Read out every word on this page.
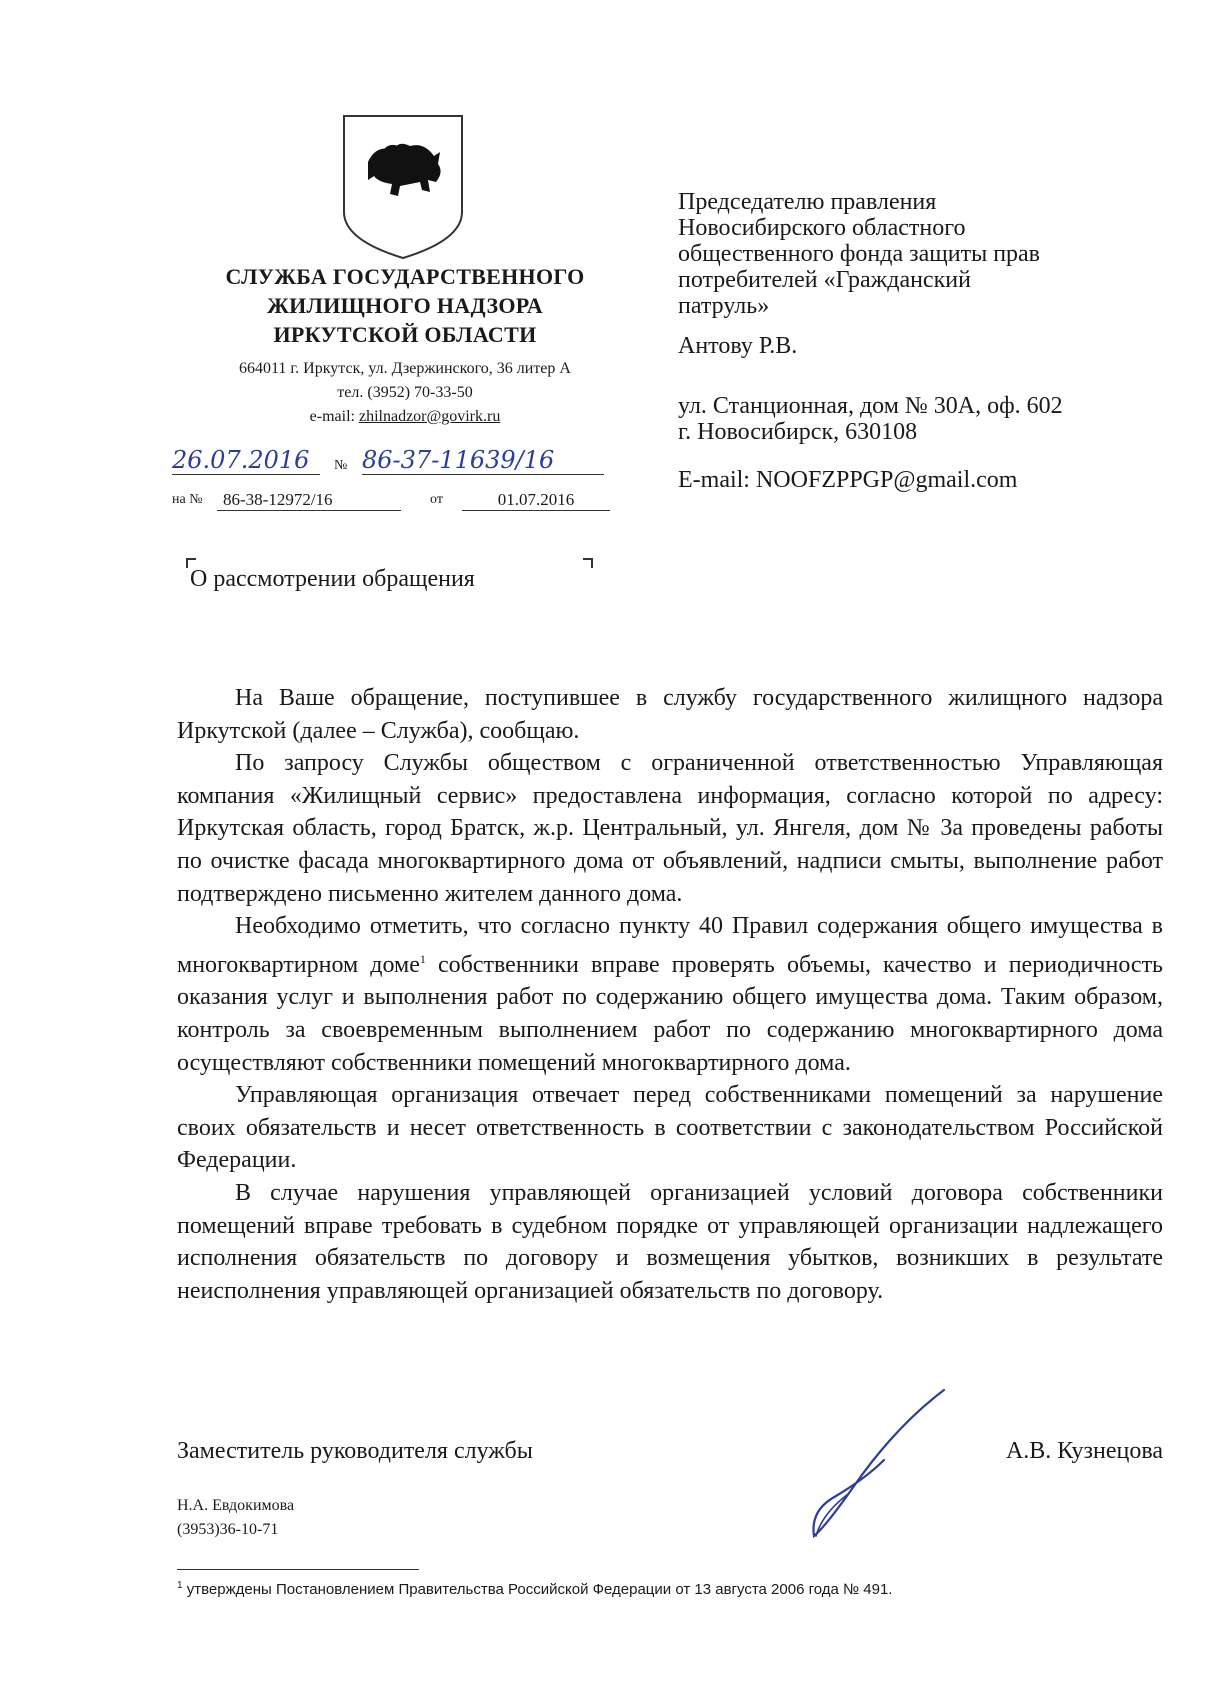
СЛУЖБА ГОСУДАРСТВЕННОГО
ЖИЛИЩНОГО НАДЗОРА
ИРКУТСКОЙ ОБЛАСТИ
664011 г. Иркутск, ул. Дзержинского, 36 литер А
тел. (3952) 70-33-50
e-mail: zhilnadzor@govirk.ru
26.07.2016	№ 86-37-11639/16
на №	86-38-12972/16	от	01.07.2016
Председателю правления
Новосибирского областного
общественного фонда защиты прав
потребителей «Гражданский
патруль»
Антову Р.В.
ул. Станционная, дом № 30А, оф. 602
г. Новосибирск, 630108
E-mail: NOOFZPPGP@gmail.com
О рассмотрении обращения

На Ваше обращение, поступившее в службу государственного жилищного надзора Иркутской (далее – Служба), сообщаю.

По запросу Службы обществом с ограниченной ответственностью Управляющая компания «Жилищный сервис» предоставлена информация, согласно которой по адресу: Иркутская область, город Братск, ж.р. Центральный, ул. Янгеля, дом № 3а проведены работы по очистке фасада многоквартирного дома от объявлений, надписи смыты, выполнение работ подтверждено письменно жителем данного дома.

Необходимо отметить, что согласно пункту 40 Правил содержания общего имущества в многоквартирном доме$^1$ собственники вправе проверять объемы, качество и периодичность оказания услуг и выполнения работ по содержанию общего имущества дома. Таким образом, контроль за своевременным выполнением работ по содержанию многоквартирного дома осуществляют собственники помещений многоквартирного дома.

Управляющая организация отвечает перед собственниками помещений за нарушение своих обязательств и несет ответственность в соответствии с законодательством Российской Федерации.

В случае нарушения управляющей организацией условий договора собственники помещений вправе требовать в судебном порядке от управляющей организации надлежащего исполнения обязательств по договору и возмещения убытков, возникших в результате неисполнения управляющей организацией обязательств по договору.

Заместитель руководителя службы	А.В. Кузнецова
Н.А. Евдокимова
(3953)36-10-71
$^1$ утверждены Постановлением Правительства Российской Федерации от 13 августа 2006 года № 491.
